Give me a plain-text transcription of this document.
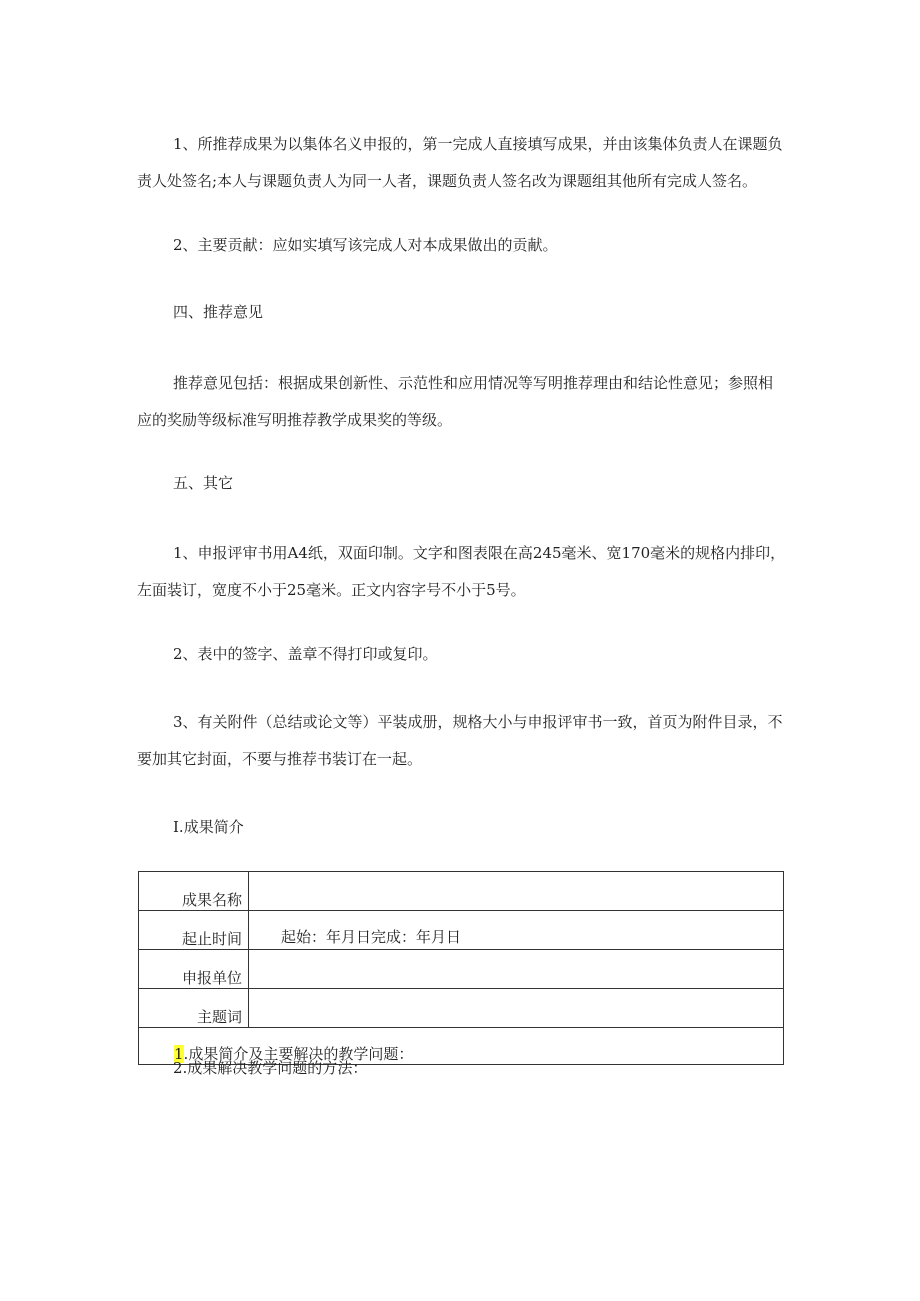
1、所推荐成果为以集体名义申报的，第一完成人直接填写成果，并由该集体负责人在课题负责人处签名;本人与课题负责人为同一人者，课题负责人签名改为课题组其他所有完成人签名。

2、主要贡献：应如实填写该完成人对本成果做出的贡献。

四、推荐意见

推荐意见包括：根据成果创新性、示范性和应用情况等写明推荐理由和结论性意见；参照相应的奖励等级标准写明推荐教学成果奖的等级。

五、其它

1、申报评审书用A4纸，双面印制。文字和图表限在高245毫米、宽170毫米的规格内排印，左面装订，宽度不小于25毫米。正文内容字号不小于5号。

2、表中的签字、盖章不得打印或复印。

3、有关附件（总结或论文等）平装成册，规格大小与申报评审书一致，首页为附件目录，不要加其它封面，不要与推荐书装订在一起。

I.成果简介

成果名称	
起止时间	起始：年月日完成：年月日
申报单位	
主题词	
1.成果简介及主要解决的教学问题：	

2.成果解决教学问题的方法：
